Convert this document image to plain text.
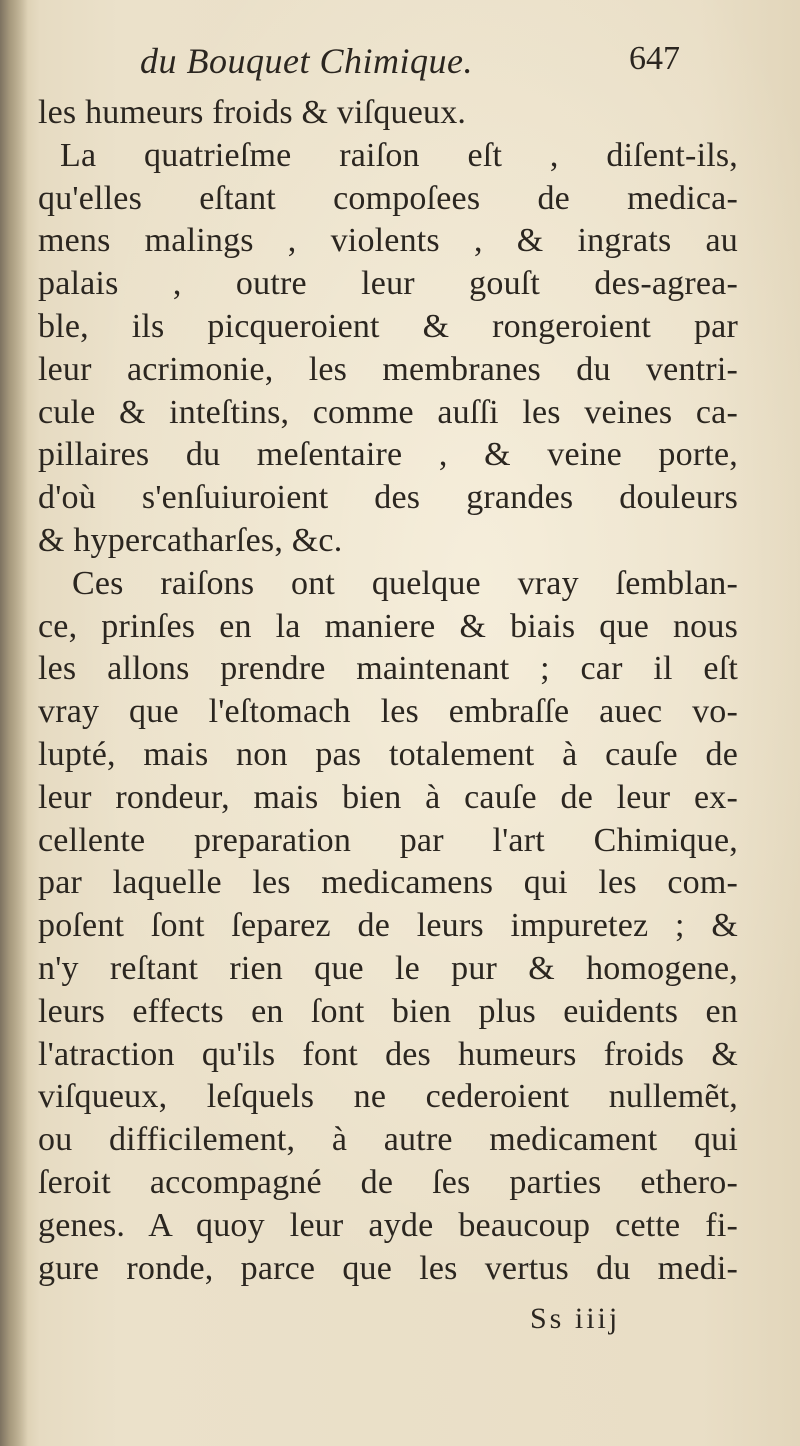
du Bouquet Chimique.	647
les humeurs froids & viſqueux.
La quatrieſme raiſon eſt , diſent-ils,
qu'elles eſtant compoſees de medica-
mens malings , violents , & ingrats au
palais , outre leur gouſt des-agrea-
ble, ils picqueroient & rongeroient par
leur acrimonie, les membranes du ventri-
cule & inteſtins, comme auſſi les veines ca-
pillaires du meſentaire , & veine porte,
d'où s'enſuiuroient des grandes douleurs
& hypercatharſes, &c.
Ces raiſons ont quelque vray ſemblan-
ce, prinſes en la maniere & biais que nous
les allons prendre maintenant ; car il eſt
vray que l'eſtomach les embraſſe auec vo-
lupté, mais non pas totalement à cauſe de
leur rondeur, mais bien à cauſe de leur ex-
cellente preparation par l'art Chimique,
par laquelle les medicamens qui les com-
poſent ſont ſeparez de leurs impuretez ; &
n'y reſtant rien que le pur & homogene,
leurs effects en ſont bien plus euidents en
l'atraction qu'ils font des humeurs froids &
viſqueux, leſquels ne cederoient nullemẽt,
ou difficilement, à autre medicament qui
ſeroit accompagné de ſes parties ethero-
genes. A quoy leur ayde beaucoup cette fi-
gure ronde, parce que les vertus du medi-
Ss iiij
